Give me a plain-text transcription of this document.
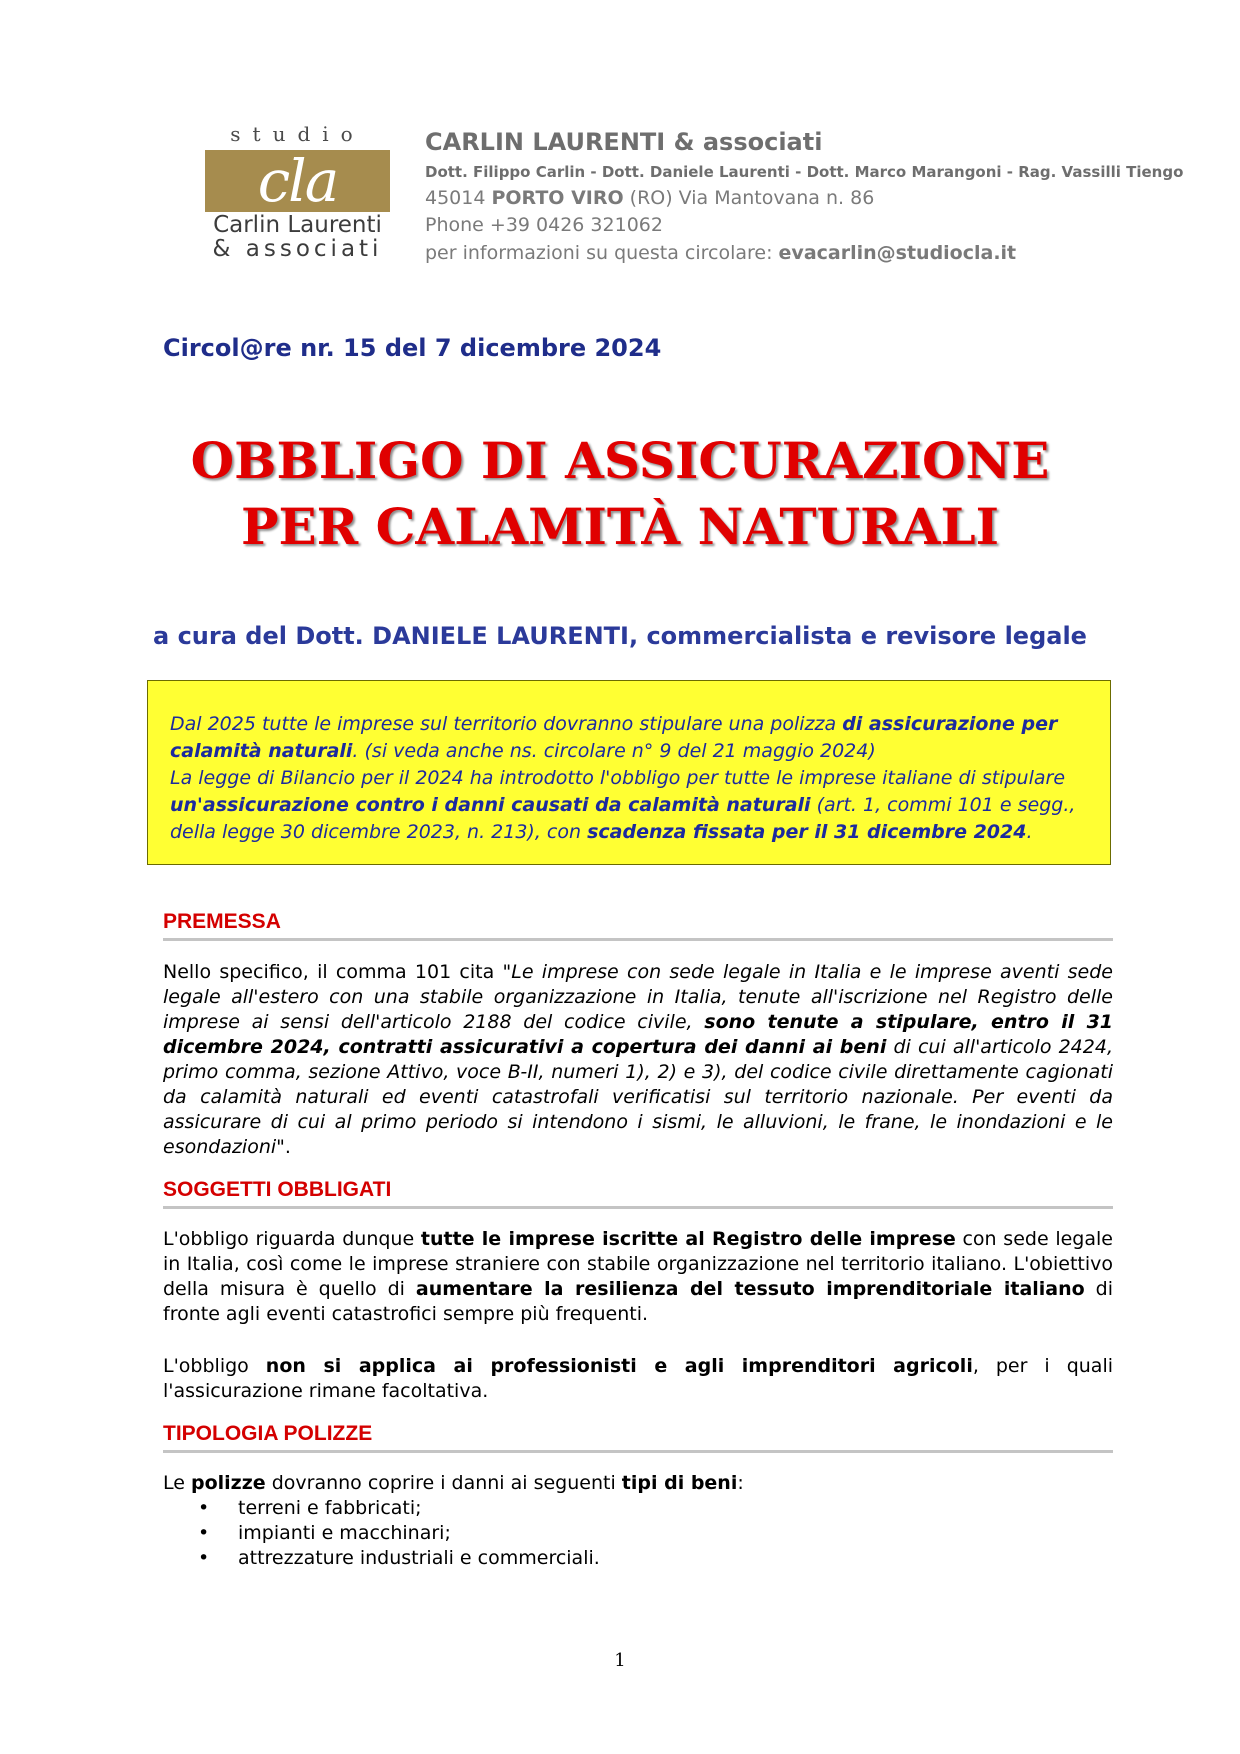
studio
cla
Carlin Laurenti
& associati
CARLIN LAURENTI & associati
Dott. Filippo Carlin - Dott. Daniele Laurenti - Dott. Marco Marangoni - Rag. Vassilli Tiengo
45014 PORTO VIRO (RO) Via Mantovana n. 86
Phone +39 0426 321062
per informazioni su questa circolare: evacarlin@studiocla.it
Circol@re nr. 15 del 7 dicembre 2024
OBBLIGO DI ASSICURAZIONE
PER CALAMITÀ NATURALI
a cura del Dott. DANIELE LAURENTI, commercialista e revisore legale
Dal 2025 tutte le imprese sul territorio dovranno stipulare una polizza di assicurazione per calamità naturali. (si veda anche ns. circolare n° 9 del 21 maggio 2024)
La legge di Bilancio per il 2024 ha introdotto l'obbligo per tutte le imprese italiane di stipulare un'assicurazione contro i danni causati da calamità naturali (art. 1, commi 101 e segg., della legge 30 dicembre 2023, n. 213), con scadenza fissata per il 31 dicembre 2024.
PREMESSA
Nello specifico, il comma 101 cita "Le imprese con sede legale in Italia e le imprese aventi sede legale all'estero con una stabile organizzazione in Italia, tenute all'iscrizione nel Registro delle imprese ai sensi dell'articolo 2188 del codice civile, sono tenute a stipulare, entro il 31 dicembre 2024, contratti assicurativi a copertura dei danni ai beni di cui all'articolo 2424, primo comma, sezione Attivo, voce B-II, numeri 1), 2) e 3), del codice civile direttamente cagionati da calamità naturali ed eventi catastrofali verificatisi sul territorio nazionale. Per eventi da assicurare di cui al primo periodo si intendono i sismi, le alluvioni, le frane, le inondazioni e le esondazioni".
SOGGETTI OBBLIGATI
L'obbligo riguarda dunque tutte le imprese iscritte al Registro delle imprese con sede legale in Italia, così come le imprese straniere con stabile organizzazione nel territorio italiano. L'obiettivo della misura è quello di aumentare la resilienza del tessuto imprenditoriale italiano di fronte agli eventi catastrofici sempre più frequenti.
L'obbligo non si applica ai professionisti e agli imprenditori agricoli, per i quali l'assicurazione rimane facoltativa.
TIPOLOGIA POLIZZE
Le polizze dovranno coprire i danni ai seguenti tipi di beni:
• terreni e fabbricati;
• impianti e macchinari;
• attrezzature industriali e commerciali.
1
